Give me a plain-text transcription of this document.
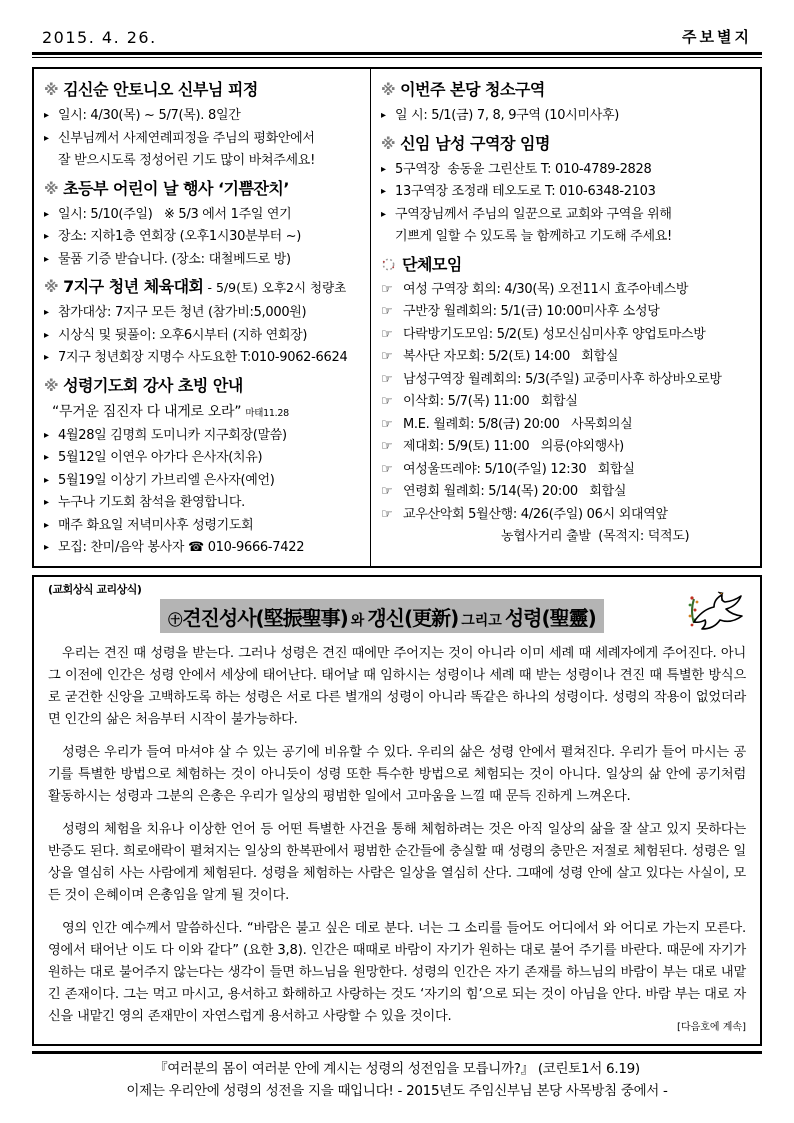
2015. 4. 26.	주보별지
※ 김신순 안토니오 신부님 피정
▸ 일시: 4/30(목) ~ 5/7(목). 8일간
▸ 신부님께서 사제연례피정을 주님의 평화안에서
잘 받으시도록 정성어린 기도 많이 바쳐주세요!
※ 초등부 어린이 날 행사 ‘기쁨잔치’
▸ 일시: 5/10(주일)   ※ 5/3 에서 1주일 연기
▸ 장소: 지하1층 연회장 (오후1시30분부터 ~)
▸ 물품 기증 받습니다. (장소: 대철베드로 방)
※ 7지구 청년 체육대회 - 5/9(토) 오후2시 청량초
▸ 참가대상: 7지구 모든 청년 (참가비:5,000원)
▸ 시상식 및 뒷풀이: 오후6시부터 (지하 연회장)
▸ 7지구 청년회장 지명수 사도요한 T:010-9062-6624
※ 성령기도회 강사 초빙 안내
“무거운 짐진자 다 내게로 오라” 마태11.28
▸ 4월28일 김명희 도미니카 지구회장(말씀)
▸ 5월12일 이연우 아가다 은사자(치유)
▸ 5월19일 이상기 가브리엘 은사자(예언)
▸ 누구나 기도회 참석을 환영합니다.
▸ 매주 화요일 저녁미사후 성령기도회
▸ 모집: 찬미/음악 봉사자 ☎ 010-9666-7422
※ 이번주 본당 청소구역
▸ 일 시: 5/1(금) 7, 8, 9구역 (10시미사후)
※ 신임 남성 구역장 임명
▸ 5구역장  송동윤 그린산토 T: 010-4789-2828
▸ 13구역장 조정래 테오도로 T: 010-6348-2103
▸ 구역장님께서 주님의 일꾼으로 교회와 구역을 위해
기쁘게 일할 수 있도록 늘 함께하고 기도해 주세요!
단체모임
☞ 여성 구역장 회의: 4/30(목) 오전11시 효주아녜스방
☞ 구반장 월례회의: 5/1(금) 10:00미사후 소성당
☞ 다락방기도모임: 5/2(토) 성모신심미사후 양업토마스방
☞ 복사단 자모회: 5/2(토) 14:00   회합실
☞ 남성구역장 월례회의: 5/3(주일) 교중미사후 하상바오로방
☞ 이삭회: 5/7(목) 11:00   회합실
☞ M.E. 월례회: 5/8(금) 20:00   사목회의실
☞ 제대회: 5/9(토) 11:00   의릉(야외행사)
☞ 여성울뜨레야: 5/10(주일) 12:30   회합실
☞ 연령회 월례회: 5/14(목) 20:00   회합실
☞ 교우산악회 5월산행: 4/26(주일) 06시 외대역앞
농협사거리 출발  (목적지: 덕적도)
(교회상식 교리상식)
㊉견진성사(堅振聖事) 와 갱신(更新) 그리고 성령(聖靈)

우리는 견진 때 성령을 받는다. 그러나 성령은 견진 때에만 주어지는 것이 아니라 이미 세례 때 세례자에게 주어진다. 아니 그 이전에 인간은 성령 안에서 세상에 태어난다. 태어날 때 임하시는 성령이나 세례 때 받는 성령이나 견진 때 특별한 방식으로 굳건한 신앙을 고백하도록 하는 성령은 서로 다른 별개의 성령이 아니라 똑같은 하나의 성령이다. 성령의 작용이 없었더라면 인간의 삶은 처음부터 시작이 불가능하다.

성령은 우리가 들여 마셔야 살 수 있는 공기에 비유할 수 있다. 우리의 삶은 성령 안에서 펼쳐진다. 우리가 들어 마시는 공기를 특별한 방법으로 체험하는 것이 아니듯이 성령 또한 특수한 방법으로 체험되는 것이 아니다. 일상의 삶 안에 공기처럼 활동하시는 성령과 그분의 은총은 우리가 일상의 평범한 일에서 고마움을 느낄 때 문득 진하게 느껴온다.

성령의 체험을 치유나 이상한 언어 등 어떤 특별한 사건을 통해 체험하려는 것은 아직 일상의 삶을 잘 살고 있지 못하다는 반증도 된다. 희로애락이 펼쳐지는 일상의 한복판에서 평범한 순간들에 충실할 때 성령의 충만은 저절로 체험된다. 성령은 일상을 열심히 사는 사람에게 체험된다. 성령을 체험하는 사람은 일상을 열심히 산다. 그때에 성령 안에 살고 있다는 사실이, 모든 것이 은혜이며 은총임을 알게 될 것이다.

영의 인간 예수께서 말씀하신다. “바람은 불고 싶은 데로 분다. 너는 그 소리를 들어도 어디에서 와 어디로 가는지 모른다. 영에서 태어난 이도 다 이와 같다” (요한 3,8). 인간은 때때로 바람이 자기가 원하는 대로 불어 주기를 바란다. 때문에 자기가 원하는 대로 불어주지 않는다는 생각이 들면 하느님을 원망한다. 성령의 인간은 자기 존재를 하느님의 바람이 부는 대로 내맡긴 존재이다. 그는 먹고 마시고, 용서하고 화해하고 사랑하는 것도 ‘자기의 힘’으로 되는 것이 아님을 안다. 바람 부는 대로 자신을 내맡긴 영의 존재만이 자연스럽게 용서하고 사랑할 수 있을 것이다.

[다음호에 계속]
『여러분의 몸이 여러분 안에 계시는 성령의 성전임을 모릅니까?』 (코린토1서 6.19)
이제는 우리안에 성령의 성전을 지을 때입니다! - 2015년도 주임신부님 본당 사목방침 중에서 -
